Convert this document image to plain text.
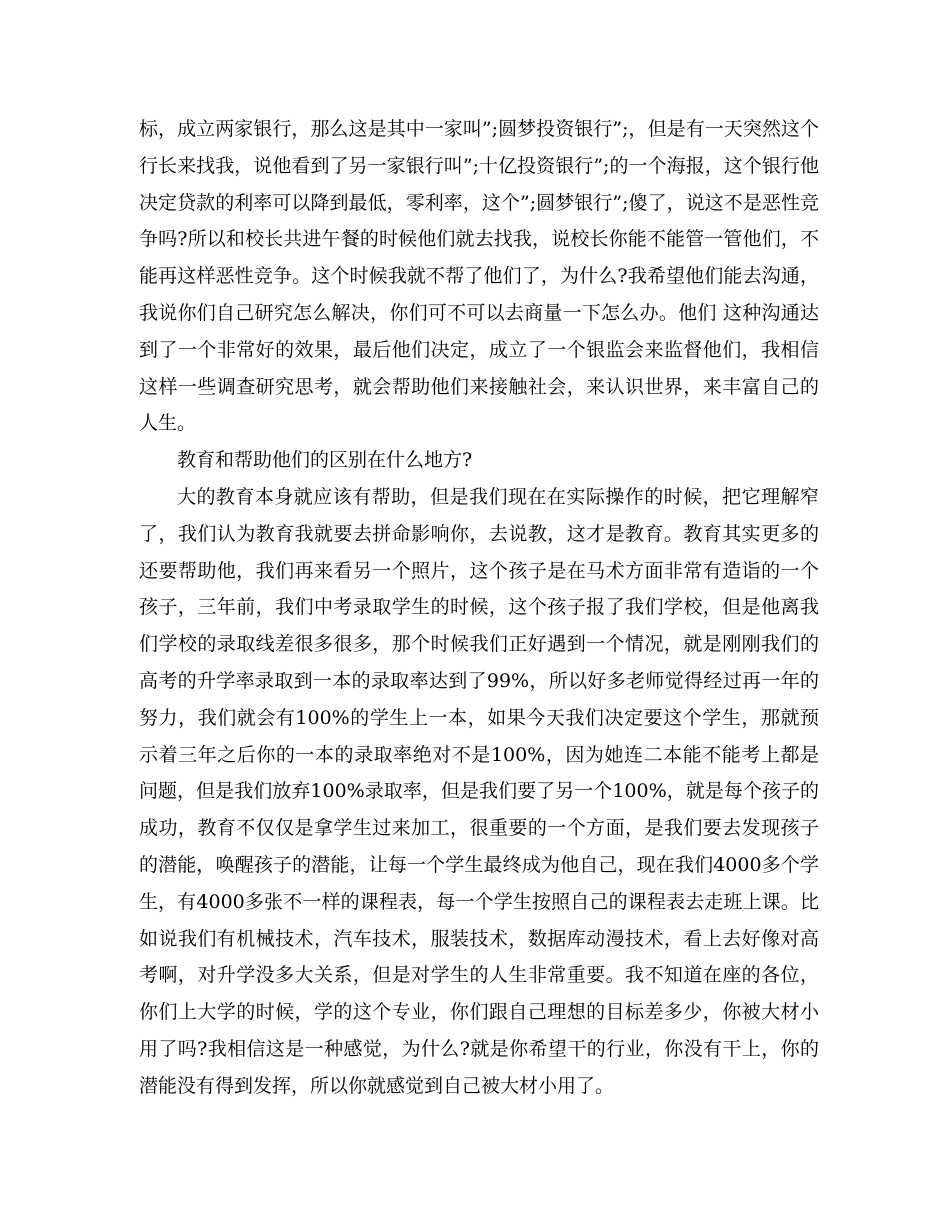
标，成立两家银行，那么这是其中一家叫”;圆梦投资银行”;，但是有一天突然这个行长来找我，说他看到了另一家银行叫”;十亿投资银行”;的一个海报，这个银行他决定贷款的利率可以降到最低，零利率，这个”;圆梦银行”;傻了，说这不是恶性竞争吗?所以和校长共进午餐的时候他们就去找我，说校长你能不能管一管他们，不能再这样恶性竞争。这个时候我就不帮了他们了，为什么?我希望他们能去沟通，我说你们自己研究怎么解决，你们可不可以去商量一下怎么办。他们 这种沟通达到了一个非常好的效果，最后他们决定，成立了一个银监会来监督他们，我相信这样一些调查研究思考，就会帮助他们来接触社会，来认识世界，来丰富自己的人生。

教育和帮助他们的区别在什么地方?

大的教育本身就应该有帮助，但是我们现在在实际操作的时候，把它理解窄了，我们认为教育我就要去拼命影响你，去说教，这才是教育。教育其实更多的还要帮助他，我们再来看另一个照片，这个孩子是在马术方面非常有造诣的一个孩子，三年前，我们中考录取学生的时候，这个孩子报了我们学校，但是他离我们学校的录取线差很多很多，那个时候我们正好遇到一个情况，就是刚刚我们的高考的升学率录取到一本的录取率达到了99%，所以好多老师觉得经过再一年的努力，我们就会有100%的学生上一本，如果今天我们决定要这个学生，那就预示着三年之后你的一本的录取率绝对不是100%，因为她连二本能不能考上都是问题，但是我们放弃100%录取率，但是我们要了另一个100%，就是每个孩子的成功，教育不仅仅是拿学生过来加工，很重要的一个方面，是我们要去发现孩子的潜能，唤醒孩子的潜能，让每一个学生最终成为他自己，现在我们4000多个学生，有4000多张不一样的课程表，每一个学生按照自己的课程表去走班上课。比如说我们有机械技术，汽车技术，服装技术，数据库动漫技术，看上去好像对高考啊，对升学没多大关系，但是对学生的人生非常重要。我不知道在座的各位，你们上大学的时候，学的这个专业，你们跟自己理想的目标差多少，你被大材小用了吗?我相信这是一种感觉，为什么?就是你希望干的行业，你没有干上，你的潜能没有得到发挥，所以你就感觉到自己被大材小用了。
